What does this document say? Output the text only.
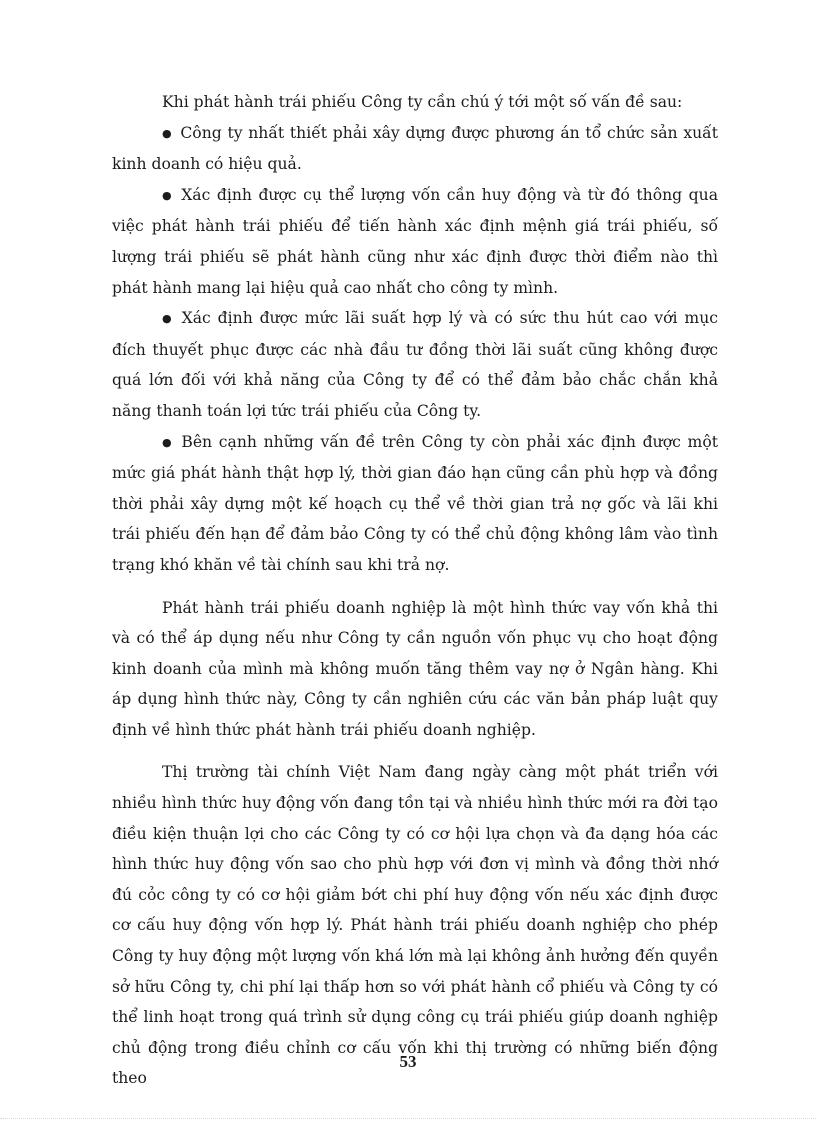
Khi phát hành trái phiếu Công ty cần chú ý tới một số vấn đề sau:

● Công ty nhất thiết phải xây dựng được phương án tổ chức sản xuất kinh doanh có hiệu quả.

● Xác định được cụ thể lượng vốn cần huy động và từ đó thông qua việc phát hành trái phiếu để tiến hành xác định mệnh giá trái phiếu, số lượng trái phiếu sẽ phát hành cũng như xác định được thời điểm nào thì phát hành mang lại hiệu quả cao nhất cho công ty mình.

● Xác định được mức lãi suất hợp lý và có sức thu hút cao với mục đích thuyết phục được các nhà đầu tư đồng thời lãi suất cũng không được quá lớn đối với khả năng của Công ty để có thể đảm bảo chắc chắn khả năng thanh toán lợi tức trái phiếu của Công ty.

● Bên cạnh những vấn đề trên Công ty còn phải xác định được một mức giá phát hành thật hợp lý, thời gian đáo hạn cũng cần phù hợp và đồng thời phải xây dựng một kế hoạch cụ thể về thời gian trả nợ gốc và lãi khi trái phiếu đến hạn để đảm bảo Công ty có thể chủ động không lâm vào tình trạng khó khăn về tài chính sau khi trả nợ.

Phát hành trái phiếu doanh nghiệp là một hình thức vay vốn khả thi và có thể áp dụng nếu như Công ty cần nguồn vốn phục vụ cho hoạt động kinh doanh của mình mà không muốn tăng thêm vay nợ ở Ngân hàng. Khi áp dụng hình thức này, Công ty cần nghiên cứu các văn bản pháp luật quy định về hình thức phát hành trái phiếu doanh nghiệp.

Thị trường tài chính Việt Nam đang ngày càng một phát triển với nhiều hình thức huy động vốn đang tồn tại và nhiều hình thức mới ra đời tạo điều kiện thuận lợi cho các Công ty có cơ hội lựa chọn và đa dạng hóa các hình thức huy động vốn sao cho phù hợp với đơn vị mình và đồng thời nhớ đú cỏc công ty có cơ hội giảm bớt chi phí huy động vốn nếu xác định được cơ cấu huy động vốn hợp lý. Phát hành trái phiếu doanh nghiệp cho phép Công ty huy động một lượng vốn khá lớn mà lại không ảnh hưởng đến quyền sở hữu Công ty, chi phí lại thấp hơn so với phát hành cổ phiếu và Công ty có thể linh hoạt trong quá trình sử dụng công cụ trái phiếu giúp doanh nghiệp chủ động trong điều chỉnh cơ cấu vốn khi thị trường có những biến động theo

53
